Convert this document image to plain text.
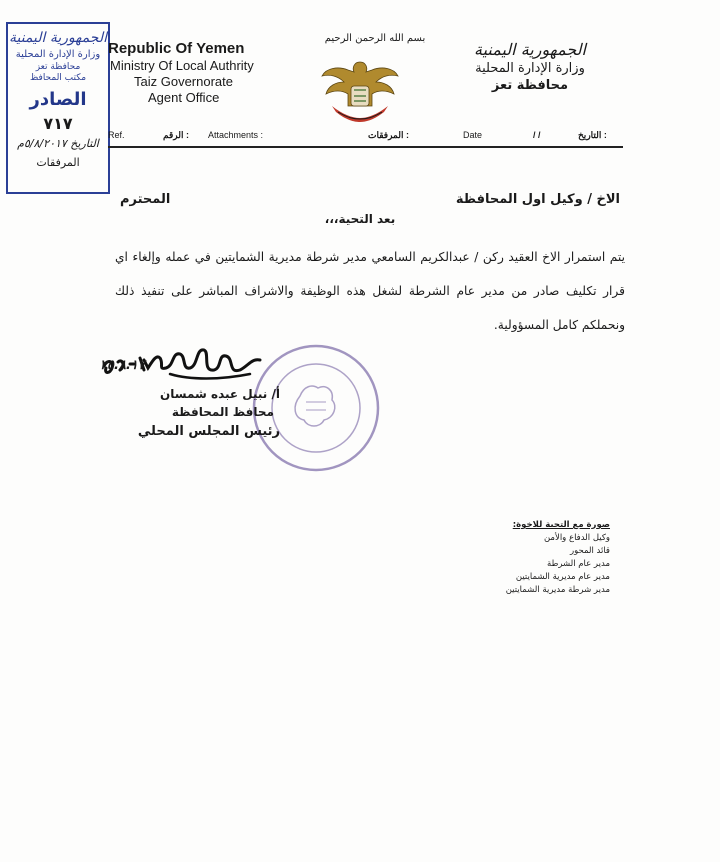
الجمهورية اليمنية
وزارة الإدارة المحلية
محافظة تعز
مكتب المحافظ
الصادر
٧١٧
التاريخ ٥/٨/٢٠١٧م
المرفقات
Republic Of Yemen
Ministry Of Local Authrity
Taiz Governorate
Agent Office
بسم الله الرحمن الرحيم
الجمهورية اليمنية
وزارة الإدارة المحلية
محافظة تعز
Ref.	الرقم : Attachments :	المرفقات :	Date	/ /	التاريخ :
الاخ / وكيل اول المحافظة
المحترم
بعد التحية،،،
يتم استمرار الاخ العقيد ركن / عبدالكريم السامعي مدير شرطة مديرية الشمايتين في عمله وإلغاء اي قرار تكليف صادر من مدير عام الشرطة لشغل هذه الوظيفة والاشراف المباشر على تنفيذ ذلك ونحملكم كامل المسؤولية.
٢٥.٨.١٧
أ/ نبيل عبده شمسان
محافظ المحافظة
رئيس المجلس المحلي
صورة مع التحية للاخوة:
وكيل الدفاع والأمن
قائد المحور
مدير عام الشرطة
مدير عام مديرية الشمايتين
مدير شرطة مديرية الشمايتين
